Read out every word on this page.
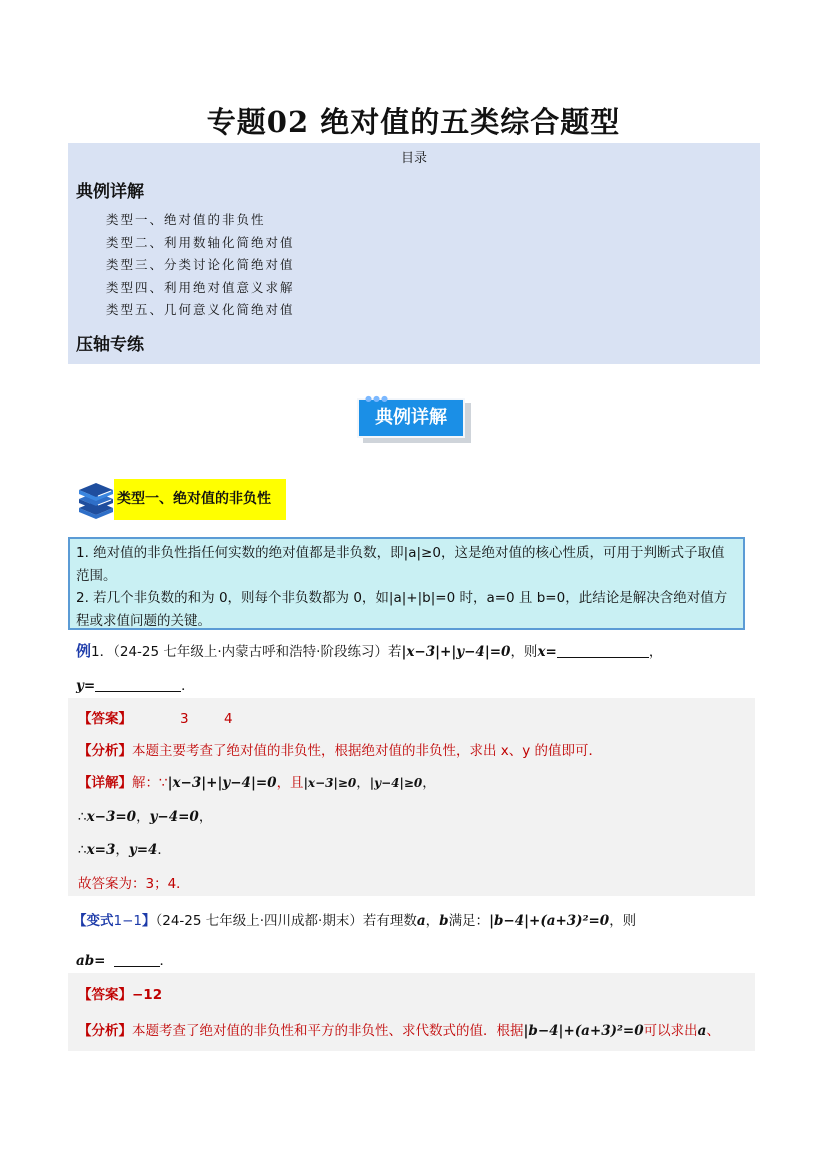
专题02 绝对值的五类综合题型
目录
典例详解
类型一、绝对值的非负性
类型二、利用数轴化简绝对值
类型三、分类讨论化简绝对值
类型四、利用绝对值意义求解
类型五、几何意义化简绝对值
压轴专练
典例详解
●●●
类型一、绝对值的非负性
1. 绝对值的非负性指任何实数的绝对值都是非负数，即|a|≥0，这是绝对值的核心性质，可用于判断式子取值范围。
2. 若几个非负数的和为 0，则每个非负数都为 0，如|a|+|b|=0 时，a=0 且 b=0，此结论是解决含绝对值方程或求值问题的关键。
例1．（24-25 七年级上·内蒙古呼和浩特·阶段练习）若|x−3|+|y−4|=0，则x=	，
y=	．
【答案】	3	4
【分析】本题主要考查了绝对值的非负性，根据绝对值的非负性，求出 x、y 的值即可．
【详解】解：∵|x−3|+|y−4|=0，且|x−3|≥0，|y−4|≥0，
∴x−3=0，y−4=0，
∴x=3，y=4．
故答案为：3；4．
【变式1−1】（24-25 七年级上·四川成都·期末）若有理数a，b满足：|b−4|+(a+3)²=0，则
ab=	．
【答案】−12
【分析】本题考查了绝对值的非负性和平方的非负性、求代数式的值．根据|b−4|+(a+3)²=0可以求出a、
